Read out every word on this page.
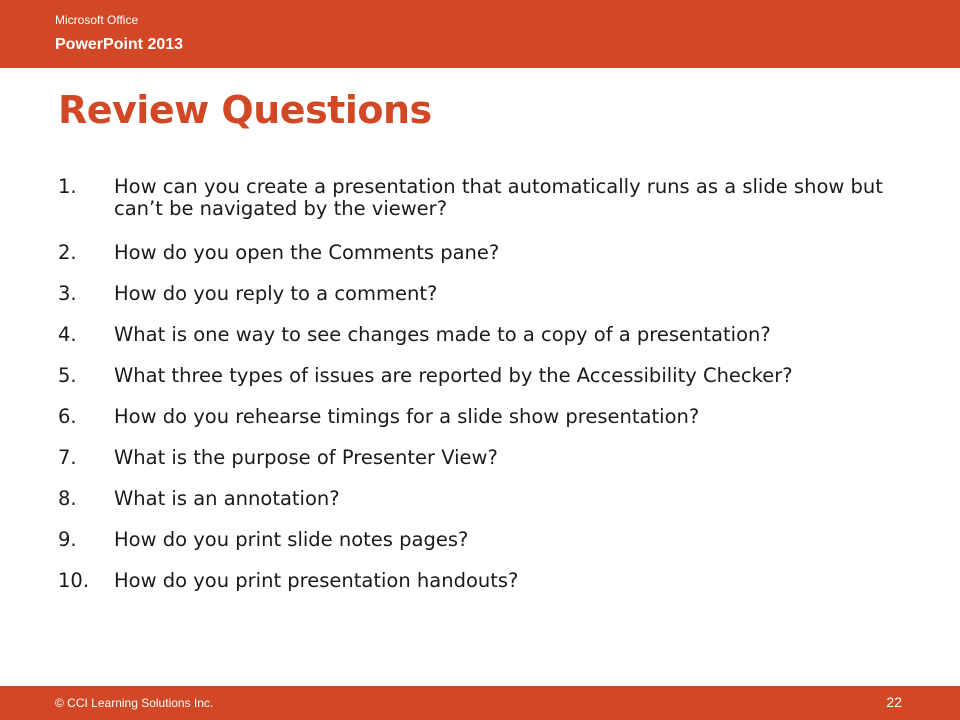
Microsoft Office
PowerPoint 2013
Review Questions
1.	How can you create a presentation that automatically runs as a slide show but can’t be navigated by the viewer?
2.	How do you open the Comments pane?
3.	How do you reply to a comment?
4.	What is one way to see changes made to a copy of a presentation?
5.	What three types of issues are reported by the Accessibility Checker?
6.	How do you rehearse timings for a slide show presentation?
7.	What is the purpose of Presenter View?
8.	What is an annotation?
9.	How do you print slide notes pages?
10.	How do you print presentation handouts?
© CCI Learning Solutions Inc.	22
